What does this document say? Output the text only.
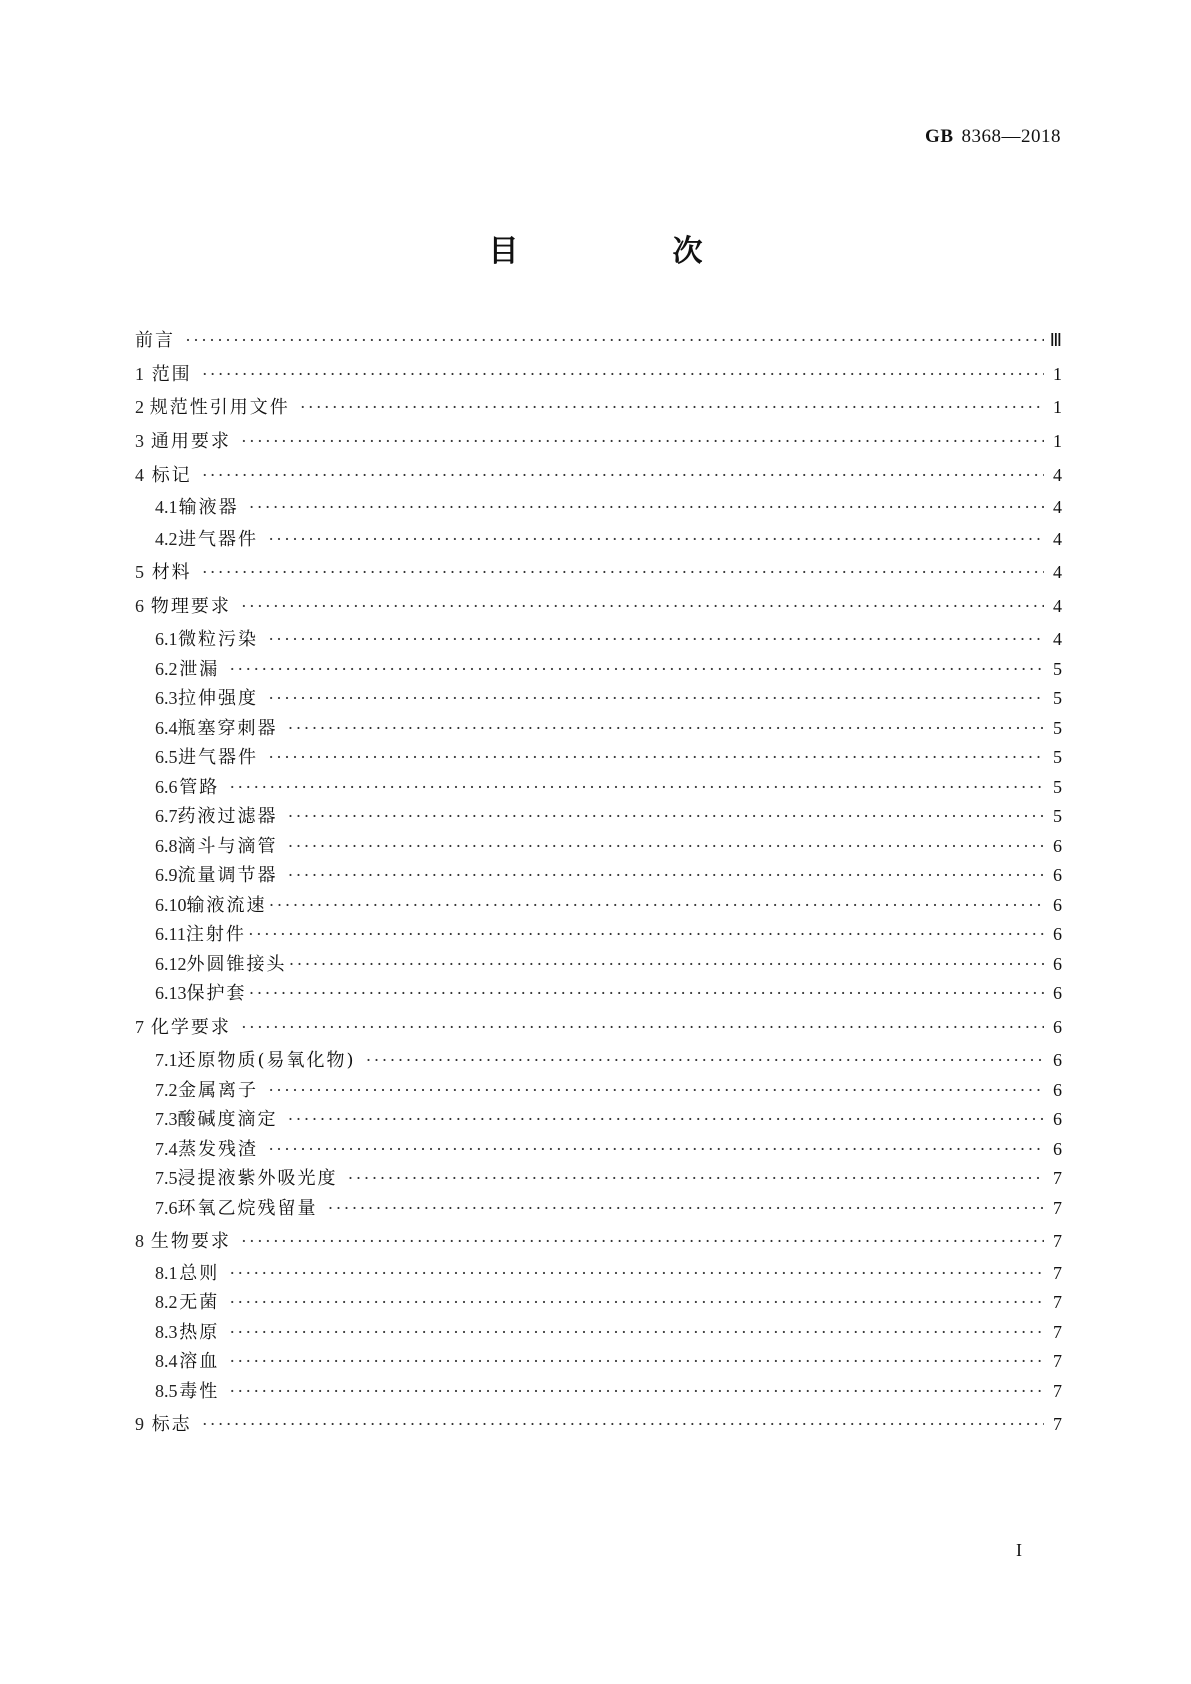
GB 8368—2018
目　次
前言 ·····	Ⅲ
1 范围 ·····	1
2 规范性引用文件 ·····	1
3 通用要求 ·····	1
4 标记 ·····	4
4.1 输液器 ·····	4
4.2 进气器件 ·····	4
5 材料 ·····	4
6 物理要求 ·····	4
6.1 微粒污染 ·····	4
6.2 泄漏 ·····	5
6.3 拉伸强度 ·····	5
6.4 瓶塞穿刺器 ·····	5
6.5 进气器件 ·····	5
6.6 管路 ·····	5
6.7 药液过滤器 ·····	5
6.8 滴斗与滴管 ·····	6
6.9 流量调节器 ·····	6
6.10 输液流速 ·····	6
6.11 注射件 ·····	6
6.12 外圆锥接头 ·····	6
6.13 保护套 ·····	6
7 化学要求 ·····	6
7.1 还原物质(易氧化物) ·····	6
7.2 金属离子 ·····	6
7.3 酸碱度滴定 ·····	6
7.4 蒸发残渣 ·····	6
7.5 浸提液紫外吸光度 ·····	7
7.6 环氧乙烷残留量 ·····	7
8 生物要求 ·····	7
8.1 总则 ·····	7
8.2 无菌 ·····	7
8.3 热原 ·····	7
8.4 溶血 ·····	7
8.5 毒性 ·····	7
9 标志 ·····	7
I
